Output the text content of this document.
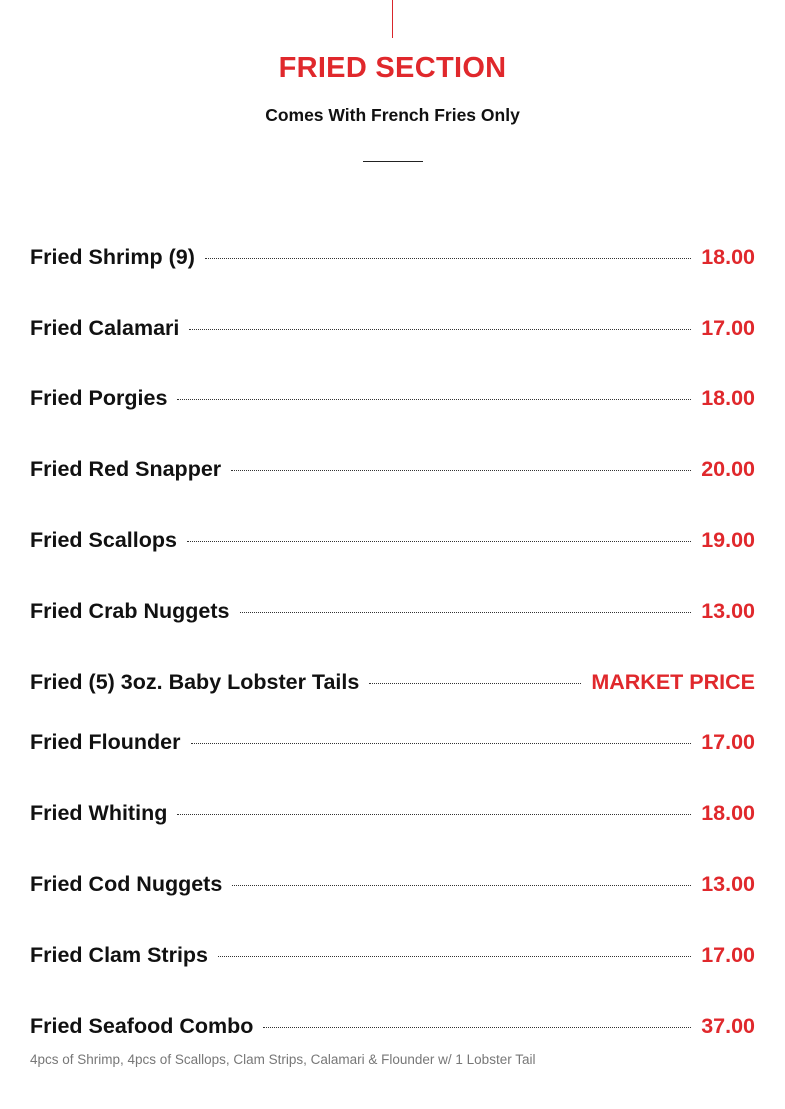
FRIED SECTION
Comes With French Fries Only
Fried Shrimp (9)	18.00
Fried Calamari	17.00
Fried Porgies	18.00
Fried Red Snapper	20.00
Fried Scallops	19.00
Fried Crab Nuggets	13.00
Fried (5) 3oz. Baby Lobster Tails	MARKET PRICE
Fried Flounder	17.00
Fried Whiting	18.00
Fried Cod Nuggets	13.00
Fried Clam Strips	17.00
Fried Seafood Combo	37.00
4pcs of Shrimp, 4pcs of Scallops, Clam Strips, Calamari & Flounder w/ 1 Lobster Tail
